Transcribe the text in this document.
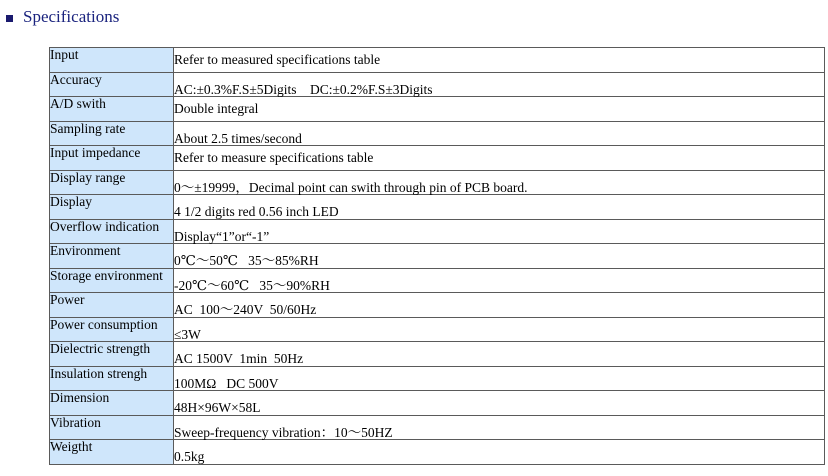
Specifications
Input	Refer to measured specifications table
Accuracy	AC:±0.3%F.S±5Digits    DC:±0.2%F.S±3Digits
A/D swith	Double integral
Sampling rate	About 2.5 times/second
Input impedance	Refer to measure specifications table
Display range	0～±19999，Decimal point can swith through pin of PCB board.
Display	4 1/2 digits red 0.56 inch LED
Overflow indication	Display“1”or“-1”
Environment	0℃～50℃   35～85%RH
Storage environment	-20℃～60℃   35～90%RH
Power	AC  100～240V  50/60Hz
Power consumption	≤3W
Dielectric strength	AC 1500V  1min  50Hz
Insulation strengh	100MΩ   DC 500V
Dimension	48H×96W×58L
Vibration	Sweep-frequency vibration：10～50HZ
Weigtht	0.5kg
